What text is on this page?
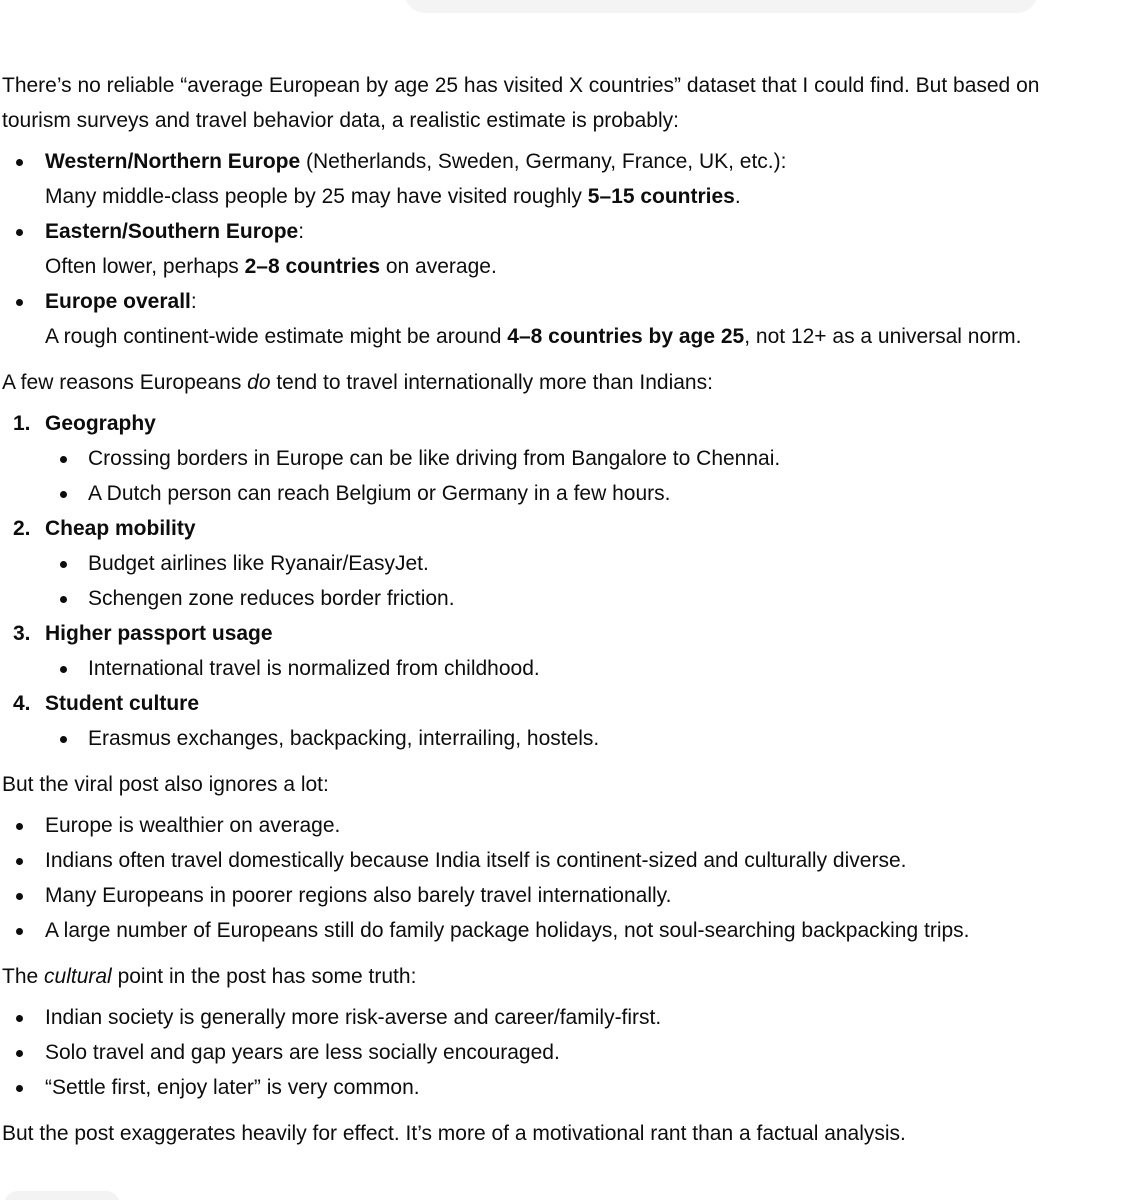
There’s no reliable “average European by age 25 has visited X countries” dataset that I could find. But based on tourism surveys and travel behavior data, a realistic estimate is probably:

Western/Northern Europe (Netherlands, Sweden, Germany, France, UK, etc.):
Many middle-class people by 25 may have visited roughly 5–15 countries.
Eastern/Southern Europe:
Often lower, perhaps 2–8 countries on average.
Europe overall:
A rough continent-wide estimate might be around 4–8 countries by age 25, not 12+ as a universal norm.

A few reasons Europeans do tend to travel internationally more than Indians:

1. Geography
Crossing borders in Europe can be like driving from Bangalore to Chennai.
A Dutch person can reach Belgium or Germany in a few hours.
2. Cheap mobility
Budget airlines like Ryanair/EasyJet.
Schengen zone reduces border friction.
3. Higher passport usage
International travel is normalized from childhood.
4. Student culture
Erasmus exchanges, backpacking, interrailing, hostels.

But the viral post also ignores a lot:

Europe is wealthier on average.
Indians often travel domestically because India itself is continent-sized and culturally diverse.
Many Europeans in poorer regions also barely travel internationally.
A large number of Europeans still do family package holidays, not soul-searching backpacking trips.

The cultural point in the post has some truth:

Indian society is generally more risk-averse and career/family-first.
Solo travel and gap years are less socially encouraged.
“Settle first, enjoy later” is very common.

But the post exaggerates heavily for effect. It’s more of a motivational rant than a factual analysis.
